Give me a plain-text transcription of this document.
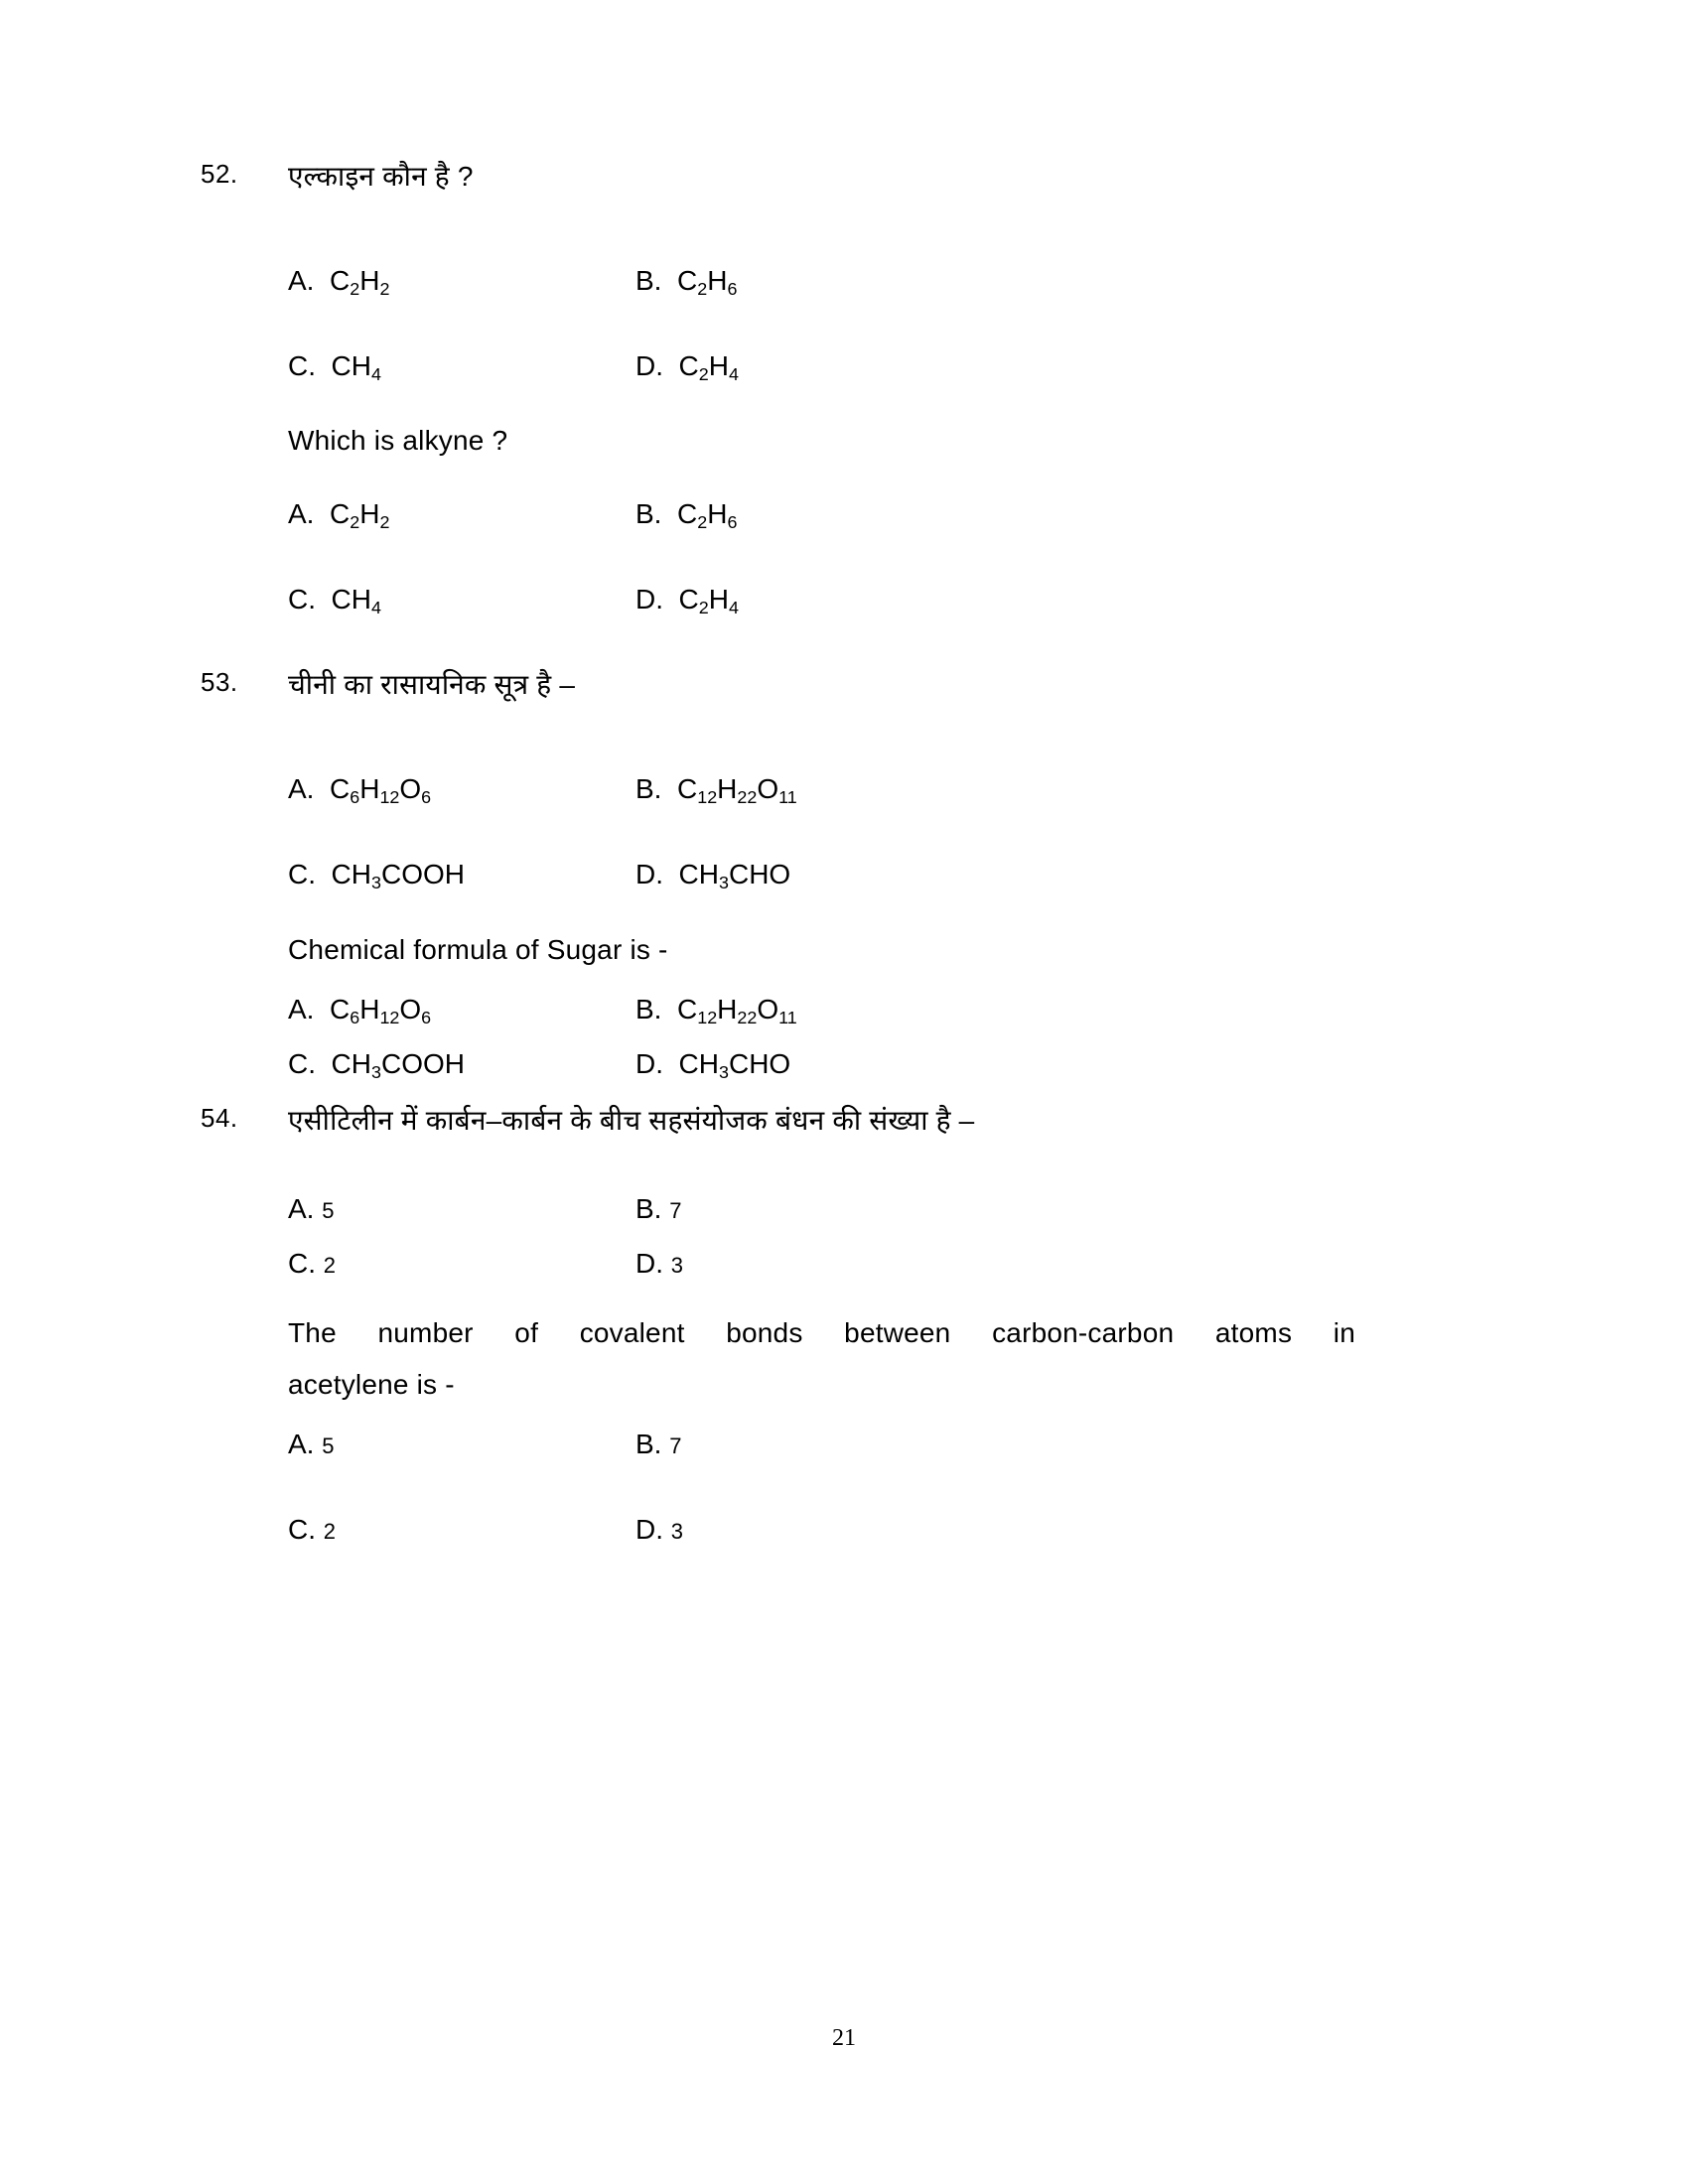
52. एल्काइन कौन है ?
A.  $C_2H_2$	B.  $C_2H_6$
C.  $CH_4$	D.  $C_2H_4$
Which is alkyne ?
A.  $C_2H_2$	B.  $C_2H_6$
C.  $CH_4$	D.  $C_2H_4$
53. चीनी का रासायनिक सूत्र है –
A.  $C_6H_{12}O_6$	B.  $C_{12}H_{22}O_{11}$
C.  $CH_3COOH$	D.  $CH_3CHO$
Chemical formula of Sugar is -
A.  $C_6H_{12}O_6$	B.  $C_{12}H_{22}O_{11}$
C.  $CH_3COOH$	D.  $CH_3CHO$
54. एसीटिलीन में कार्बन–कार्बन के बीच सहसंयोजक बंधन की संख्या है –
A. 5	B. 7
C. 2	D. 3
The number of covalent bonds between carbon-carbon atoms in
acetylene is -
A. 5	B. 7
C. 2	D. 3
21
